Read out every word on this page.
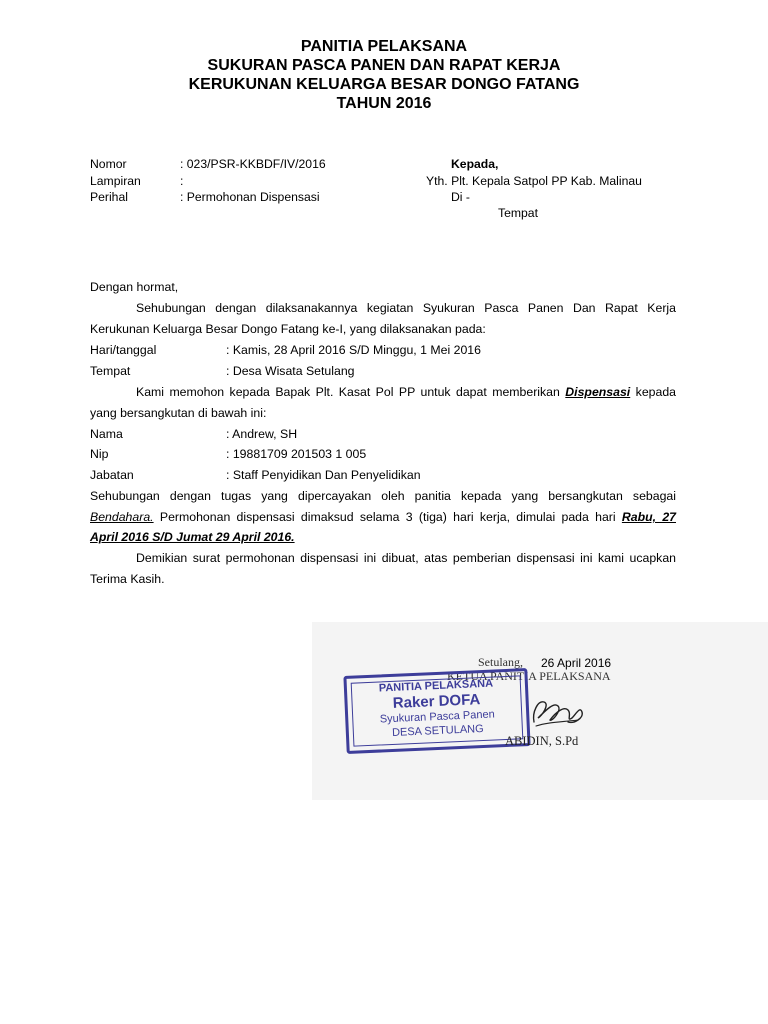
PANITIA PELAKSANA
SUKURAN PASCA PANEN DAN RAPAT KERJA
KERUKUNAN KELUARGA BESAR DONGO FATANG
TAHUN 2016
Nomor	: 023/PSR-KKBDF/IV/2016
Lampiran	:
Perihal	: Permohonan Dispensasi
Kepada,
Yth. Plt. Kepala Satpol PP Kab. Malinau
Di -
Tempat
Dengan hormat,
Sehubungan dengan dilaksanakannya kegiatan Syukuran Pasca Panen Dan Rapat Kerja
Kerukunan Keluarga Besar Dongo Fatang ke-I, yang dilaksanakan pada:
Hari/tanggal	: Kamis, 28 April 2016 S/D Minggu, 1 Mei 2016
Tempat	: Desa Wisata Setulang
Kami memohon kepada Bapak Plt. Kasat Pol PP untuk dapat memberikan Dispensasi kepada
yang bersangkutan di bawah ini:
Nama	: Andrew, SH
Nip	: 19881709 201503 1 005
Jabatan	: Staff Penyidikan Dan Penyelidikan
Sehubungan dengan tugas yang dipercayakan oleh panitia kepada yang bersangkutan sebagai
Bendahara. Permohonan dispensasi dimaksud selama 3 (tiga) hari kerja, dimulai pada hari Rabu, 27
April 2016 S/D Jumat 29 April 2016.
Demikian surat permohonan dispensasi ini dibuat, atas pemberian dispensasi ini kami ucapkan
Terima Kasih.
Setulang, 26 April 2016
KETUA PANITIA PELAKSANA
PANITIA PELAKSANA
Raker DOFA
Syukuran Pasca Panen
DESA SETULANG
ABIDIN, S.Pd
